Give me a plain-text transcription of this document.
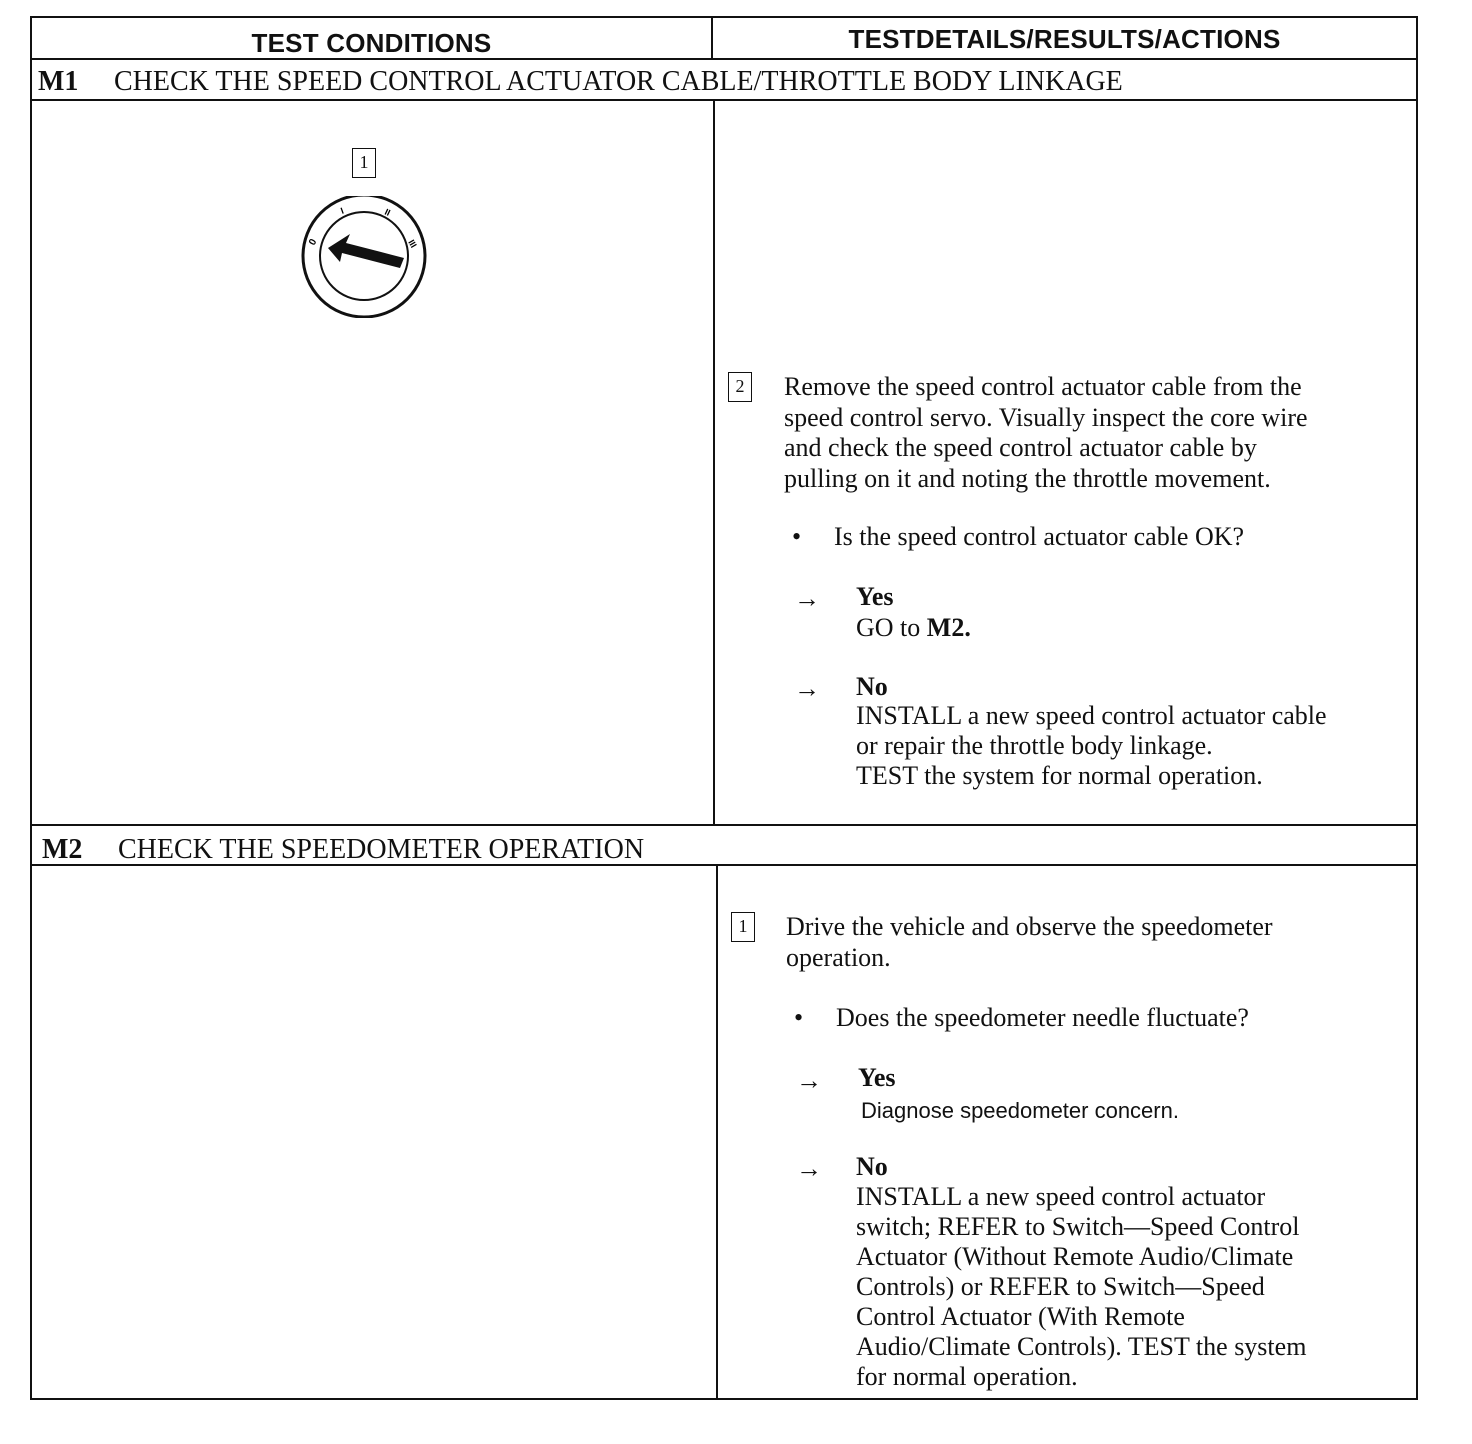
TEST CONDITIONS	TESTDETAILS/RESULTS/ACTIONS
M1 CHECK THE SPEED CONTROL ACTUATOR CABLE/THROTTLE BODY LINKAGE
1
0
I	II
III
2 Remove the speed control actuator cable from the
speed control servo. Visually inspect the core wire
and check the speed control actuator cable by
pulling on it and noting the throttle movement.
• Is the speed control actuator cable OK?
→ Yes
GO to M2.
→ No
INSTALL a new speed control actuator cable
or repair the throttle body linkage.
TEST the system for normal operation.
M2 CHECK THE SPEEDOMETER OPERATION
1 Drive the vehicle and observe the speedometer
operation.
• Does the speedometer needle fluctuate?
→ Yes
Diagnose speedometer concern.
→ No
INSTALL a new speed control actuator
switch; REFER to Switch—Speed Control
Actuator (Without Remote Audio/Climate
Controls) or REFER to Switch—Speed
Control Actuator (With Remote
Audio/Climate Controls). TEST the system
for normal operation.
